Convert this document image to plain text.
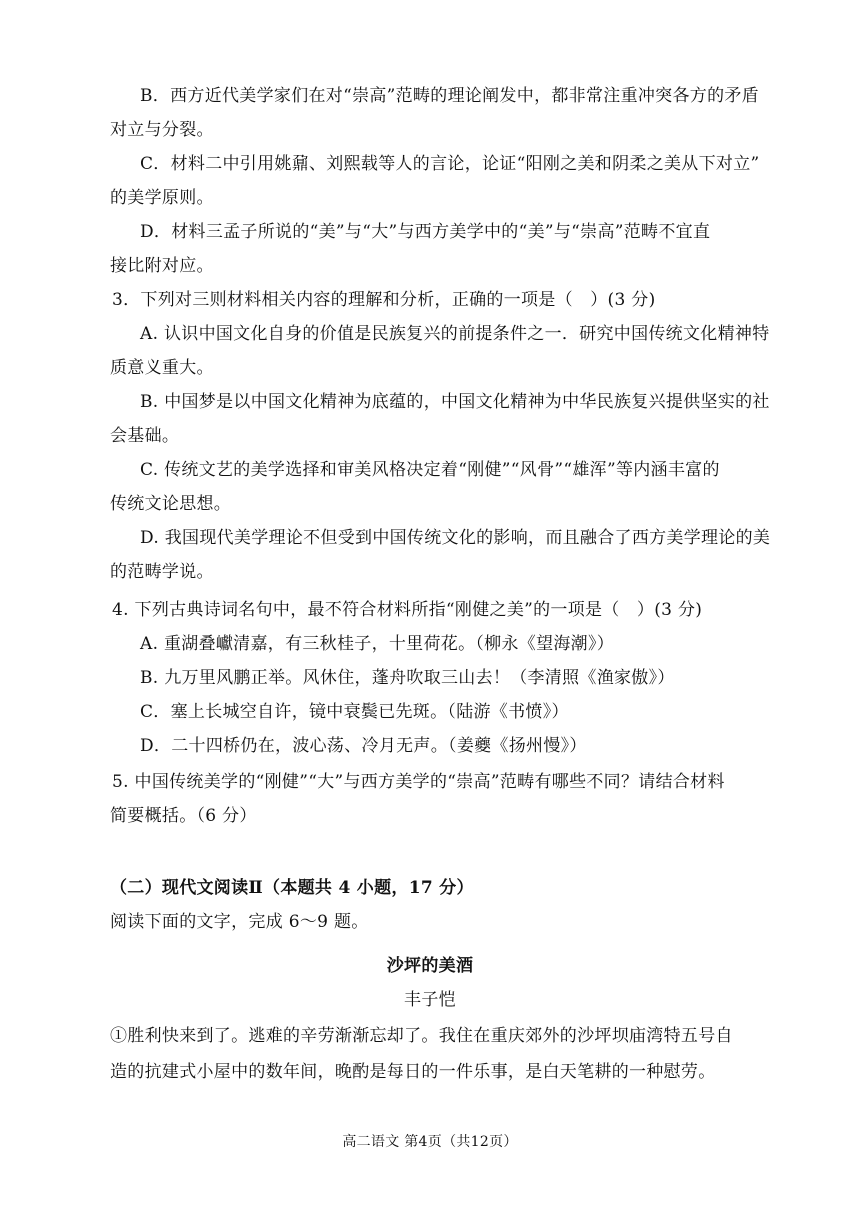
B．西方近代美学家们在对“崇高”范畴的理论阐发中，都非常注重冲突各方的矛盾
对立与分裂。
C．材料二中引用姚鼐、刘熙载等人的言论，论证“阳刚之美和阴柔之美从下对立”
的美学原则。
D．材料三孟子所说的“美”与“大”与西方美学中的“美”与“崇高”范畴不宜直
接比附对应。
3．下列对三则材料相关内容的理解和分析，正确的一项是（　）(3 分)
A. 认识中国文化自身的价值是民族复兴的前提条件之一．研究中国传统文化精神特
质意义重大。
B. 中国梦是以中国文化精神为底蕴的，中国文化精神为中华民族复兴提供坚实的社
会基础。
C. 传统文艺的美学选择和审美风格决定着“刚健”“风骨”“雄浑”等内涵丰富的
传统文论思想。
D. 我国现代美学理论不但受到中国传统文化的影响，而且融合了西方美学理论的美
的范畴学说。
4. 下列古典诗词名句中，最不符合材料所指“刚健之美”的一项是（　）(3 分)
A. 重湖叠巘清嘉，有三秋桂子，十里荷花。（柳永《望海潮》）
B. 九万里风鹏正举。风休住，蓬舟吹取三山去！（李清照《渔家傲》）
C．塞上长城空自许，镜中衰鬓已先斑。（陆游《书愤》）
D．二十四桥仍在，波心荡、冷月无声。（姜夔《扬州慢》）
5. 中国传统美学的“刚健”“大”与西方美学的“崇高”范畴有哪些不同？请结合材料
简要概括。（6 分）
（二）现代文阅读Ⅱ（本题共 4 小题，17 分）
阅读下面的文字，完成 6～9 题。
沙坪的美酒
丰子恺
①胜利快来到了。逃难的辛劳渐渐忘却了。我住在重庆郊外的沙坪坝庙湾特五号自
造的抗建式小屋中的数年间，晚酌是每日的一件乐事，是白天笔耕的一种慰劳。
高二语文 第4页（共12页）
